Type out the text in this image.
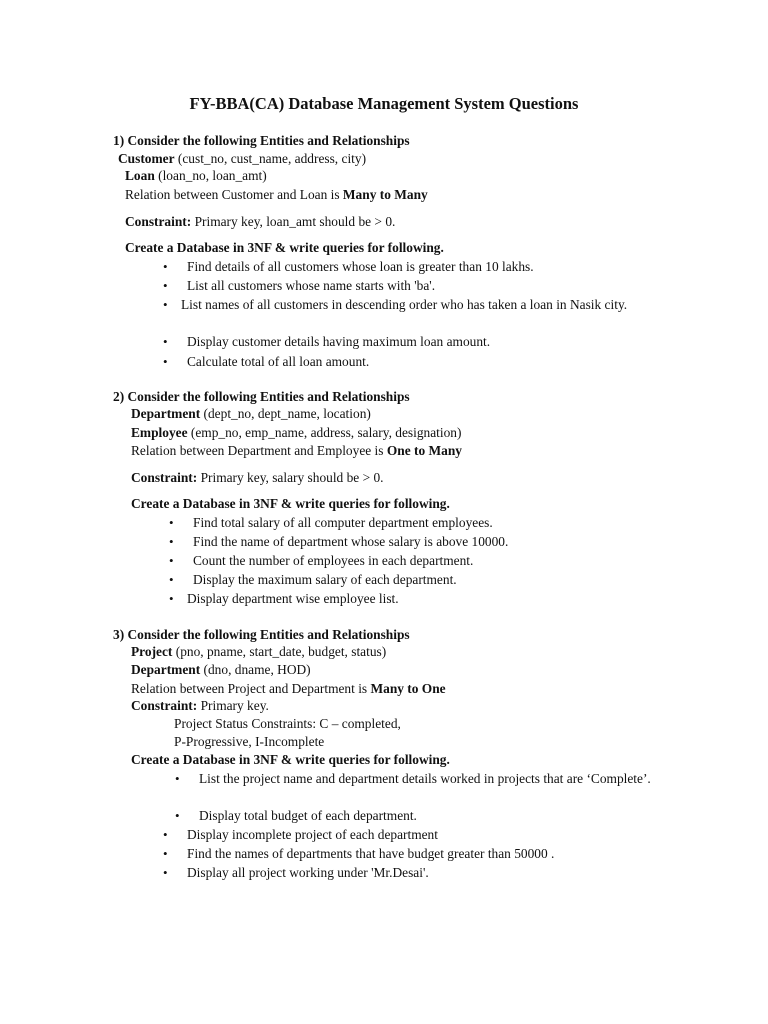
FY-BBA(CA) Database Management System Questions
1) Consider the following Entities and Relationships
Customer (cust_no, cust_name, address, city)
Loan (loan_no, loan_amt)
Relation between Customer and Loan is Many to Many
Constraint: Primary key, loan_amt should be > 0.
Create a Database in 3NF & write queries for following.
• Find details of all customers whose loan is greater than 10 lakhs.
• List all customers whose name starts with 'ba'.
• List names of all customers in descending order who has taken a loan in Nasik city.
• Display customer details having maximum loan amount.
• Calculate total of all loan amount.
2) Consider the following Entities and Relationships
Department (dept_no, dept_name, location)
Employee (emp_no, emp_name, address, salary, designation)
Relation between Department and Employee is One to Many
Constraint: Primary key, salary should be > 0.
Create a Database in 3NF & write queries for following.
• Find total salary of all computer department employees.
• Find the name of department whose salary is above 10000.
• Count the number of employees in each department.
• Display the maximum salary of each department.
• Display department wise employee list.
3) Consider the following Entities and Relationships
Project (pno, pname, start_date, budget, status)
Department (dno, dname, HOD)
Relation between Project and Department is Many to One
Constraint: Primary key.
Project Status Constraints: C – completed,
P-Progressive, I-Incomplete
Create a Database in 3NF & write queries for following.
• List the project name and department details worked in projects that are ‘Complete’.
• Display total budget of each department.
• Display incomplete project of each department
• Find the names of departments that have budget greater than 50000 .
• Display all project working under 'Mr.Desai'.
